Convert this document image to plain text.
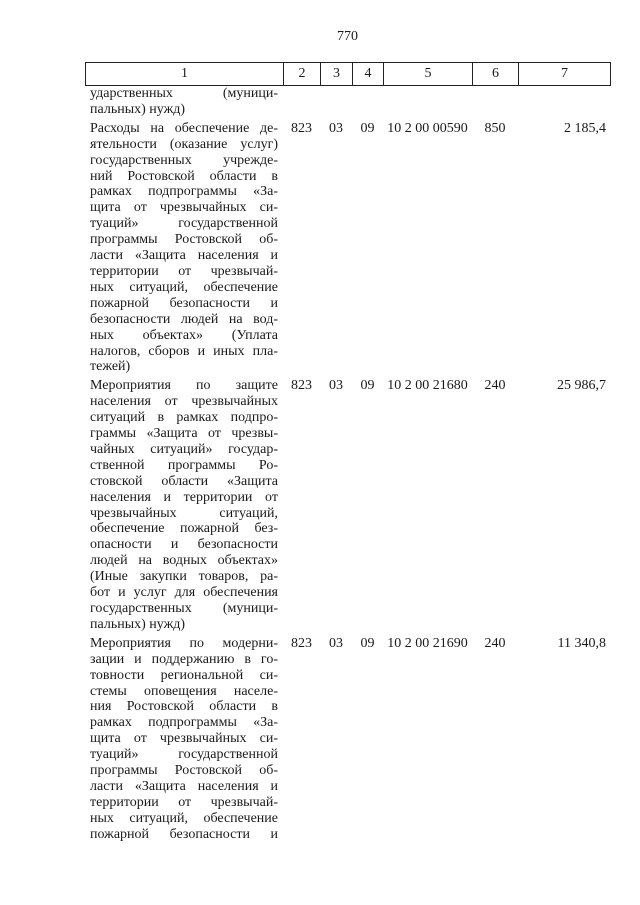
770
1	2	3	4	5	6	7
ударственных (муници-
пальных) нужд)
Расходы на обеспечение де-
ятельности (оказание услуг)
государственных учрежде-
ний Ростовской области в
рамках подпрограммы «За-
щита от чрезвычайных си-
туаций» государственной
программы Ростовской об-
ласти «Защита населения и
территории от чрезвычай-
ных ситуаций, обеспечение
пожарной безопасности и
безопасности людей на вод-
ных объектах» (Уплата
налогов, сборов и иных пла-
тежей)
823	03	09 10 2 00 00590	850	2 185,4
Мероприятия по защите
населения от чрезвычайных
ситуаций в рамках подпро-
граммы «Защита от чрезвы-
чайных ситуаций» государ-
ственной программы Ро-
стовской области «Защита
населения и территории от
чрезвычайных ситуаций,
обеспечение пожарной без-
опасности и безопасности
людей на водных объектах»
(Иные закупки товаров, ра-
бот и услуг для обеспечения
государственных (муници-
пальных) нужд)
823	03	09 10 2 00 21680	240	25 986,7
Мероприятия по модерни-
зации и поддержанию в го-
товности региональной си-
стемы оповещения населе-
ния Ростовской области в
рамках подпрограммы «За-
щита от чрезвычайных си-
туаций» государственной
программы Ростовской об-
ласти «Защита населения и
территории от чрезвычай-
ных ситуаций, обеспечение
пожарной безопасности и
823	03	09 10 2 00 21690	240	11 340,8
